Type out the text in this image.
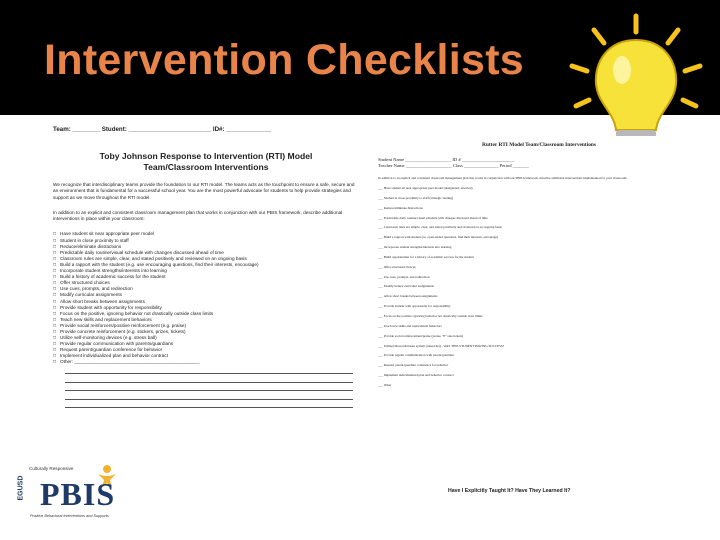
Intervention Checklists
Team: ________ Student: ________________________ ID#: _____________
Toby Johnson Response to Intervention (RTI) Model
Team/Classroom Interventions
We recognize that interdisciplinary teams provide the foundation to our RTI model. The teams acts as the touchpoint to ensure a safe, secure and an environment that is fundamental for a successful school year. You are the most powerful advocate for students to help provide strategies and support as we move throughout the RTI model.
In addition to an explicit and consistent classroom management plan that works in conjunction with our PBIS framework, describe additional interventions in place within your classroom:
□ Have student sit near appropriate peer model
□ Student in close proximity to staff
□ Reduce/eliminate distractions
□ Predictable daily routine/visual schedule with changes discussed ahead of time
□ Classroom rules are simple, clear, and stated positively and reviewed on an ongoing basis
□ Build a rapport with the student (e.g. use encouraging questions, find their interests, encourage)
□ Incorporate student strengths/interests into learning
□ Build a history of academic success for the student
□ Offer structured choices
□ Use cues, prompts, and redirection
□ Modify curricular assignments
□ Allow short breaks between assignments
□ Provide student with opportunity for responsibility
□ Focus on the positive, ignoring behavior not drastically outside class limits
□ Teach new skills and replacement behaviors
□ Provide social reinforcers/positive reinforcement (e.g. praise)
□ Provide concrete reinforcement (e.g. stickers, prizes, tickets)
□ Utilize self-monitoring devices (e.g. stress ball)
□ Provide regular communication with parents/guardians
□ Request parent/guardian conference for behavior
□ Implement individualized plan and behavior contract
□ Other: ________________________________________________
Rutter RTI Model Team/Classroom Interventions
Student Name ____________________ ID # _______________________
Teacher Name ____________________ Class _______________ Period _______
In addition to an explicit and consistent classroom management plan that works in conjunction with our PBIS framework, describe additional interventions implemented for your classroom:
___ Have student sit near appropriate peer model (designated, assorted)
___ Student in close proximity to staff (strategic seating)
___ Reduce/eliminate distractions
___ Predictable daily routine/visual schedule with changes discussed ahead of time
___ Classroom rules are simple, clear, and stated positively and reviewed on an ongoing basis
___ Build a rapport with student (i.e. open-ended questions, find their interests, encourage)
___ Incorporate student strengths/interests into learning
___ Build opportunities for a history of academic success for the student
___ Offer structured choices
___ Use cues, prompts, and redirection
___ Modify/reduce curricular assignments
___ Allow short breaks between assignments
___ Provide student with opportunity for responsibility
___ Focus on the positive, ignoring behavior not drastically outside class limits
___ Teach new skills and replacement behaviors
___ Provide social reinforcement/praise (praise, "P" size tickets)
___ Utilized Rewards/token system (raised list) - WAS THIS STUDENT HAVING SUCCESS?
___ Provide regular communication with parent/guardian
___ Request parent/guardian conference for behavior
___ Implement individualized plan and behavior contract
___ Other
Have I Explicitly Taught It? Have They Learned It?
EGUSD
Culturally Responsive
PBIS
Positive Behavioral Interventions and Supports
